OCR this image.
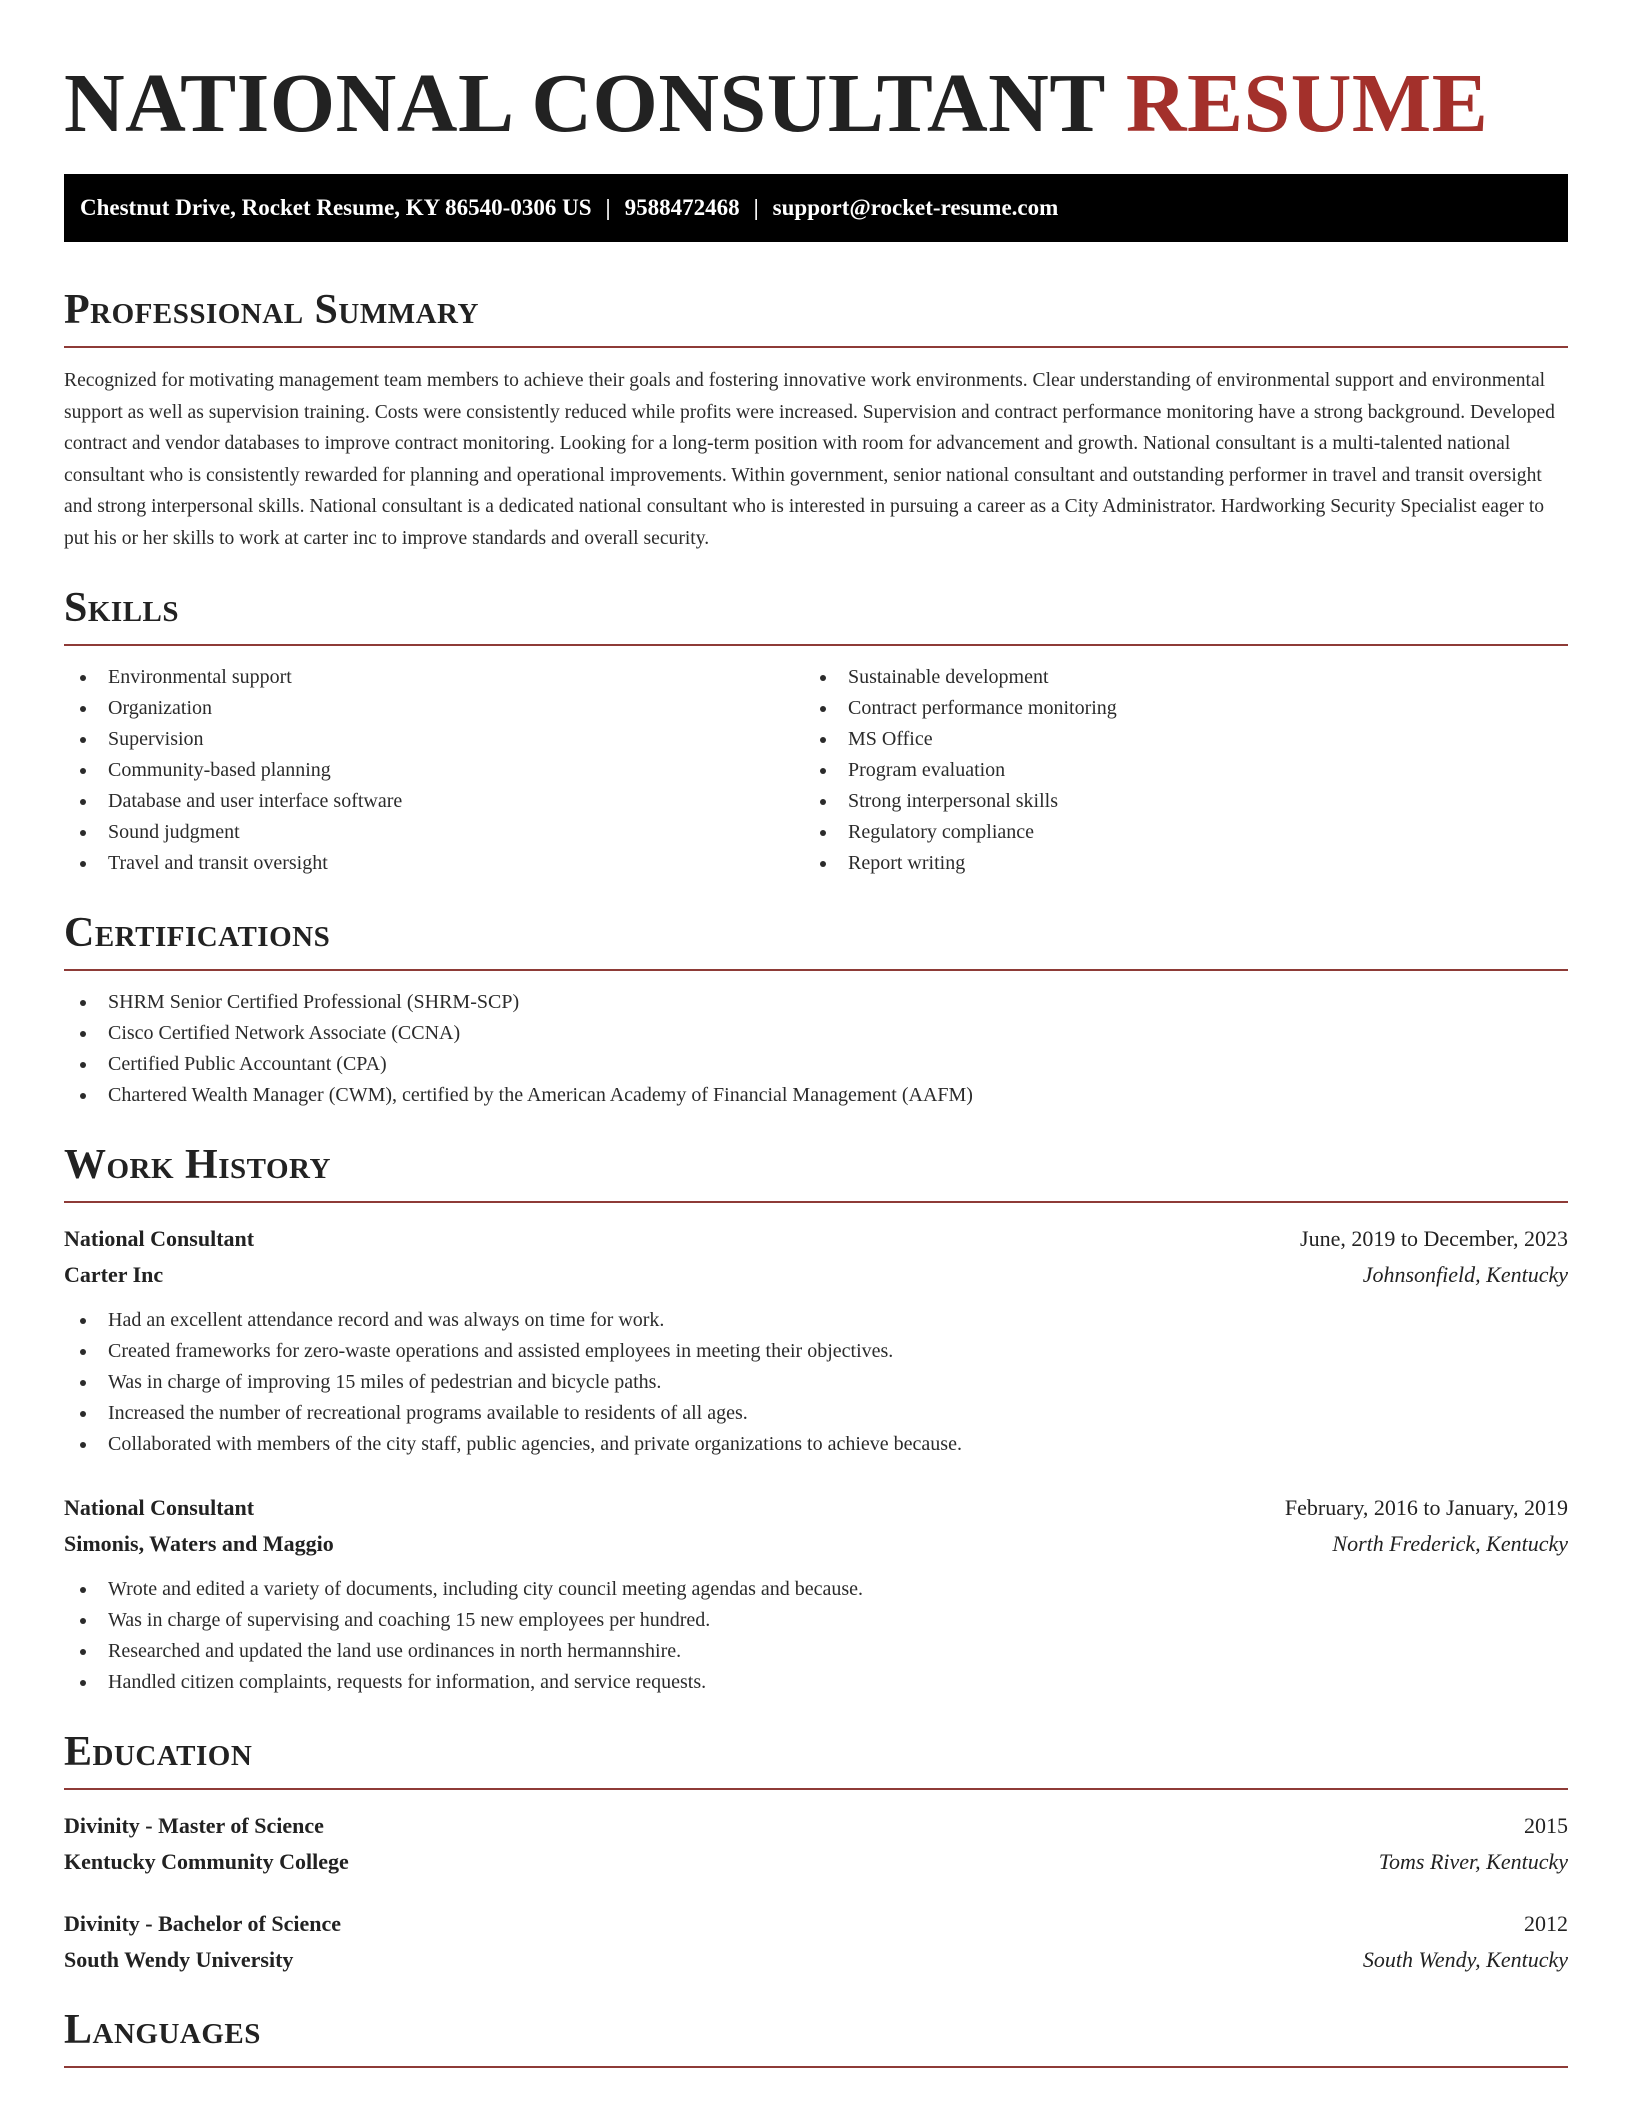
NATIONAL CONSULTANT RESUME
Chestnut Drive, Rocket Resume, KY 86540-0306 US | 9588472468 | support@rocket-resume.com
Professional Summary

Recognized for motivating management team members to achieve their goals and fostering innovative work environments. Clear understanding of environmental support and environmental support as well as supervision training. Costs were consistently reduced while profits were increased. Supervision and contract performance monitoring have a strong background. Developed contract and vendor databases to improve contract monitoring. Looking for a long-term position with room for advancement and growth. National consultant is a multi-talented national consultant who is consistently rewarded for planning and operational improvements. Within government, senior national consultant and outstanding performer in travel and transit oversight and strong interpersonal skills. National consultant is a dedicated national consultant who is interested in pursuing a career as a City Administrator. Hardworking Security Specialist eager to put his or her skills to work at carter inc to improve standards and overall security.

Skills
Environmental support
Organization
Supervision
Community-based planning
Database and user interface software
Sound judgment
Travel and transit oversight
Sustainable development
Contract performance monitoring
MS Office
Program evaluation
Strong interpersonal skills
Regulatory compliance
Report writing
Certifications
SHRM Senior Certified Professional (SHRM-SCP)
Cisco Certified Network Associate (CCNA)
Certified Public Accountant (CPA)
Chartered Wealth Manager (CWM), certified by the American Academy of Financial Management (AAFM)
Work History
National Consultant	June, 2019 to December, 2023
Carter Inc	Johnsonfield, Kentucky
Had an excellent attendance record and was always on time for work.
Created frameworks for zero-waste operations and assisted employees in meeting their objectives.
Was in charge of improving 15 miles of pedestrian and bicycle paths.
Increased the number of recreational programs available to residents of all ages.
Collaborated with members of the city staff, public agencies, and private organizations to achieve because.
National Consultant	February, 2016 to January, 2019
Simonis, Waters and Maggio	North Frederick, Kentucky
Wrote and edited a variety of documents, including city council meeting agendas and because.
Was in charge of supervising and coaching 15 new employees per hundred.
Researched and updated the land use ordinances in north hermannshire.
Handled citizen complaints, requests for information, and service requests.
Education
Divinity - Master of Science	2015
Kentucky Community College	Toms River, Kentucky
Divinity - Bachelor of Science	2012
South Wendy University	South Wendy, Kentucky
Languages
